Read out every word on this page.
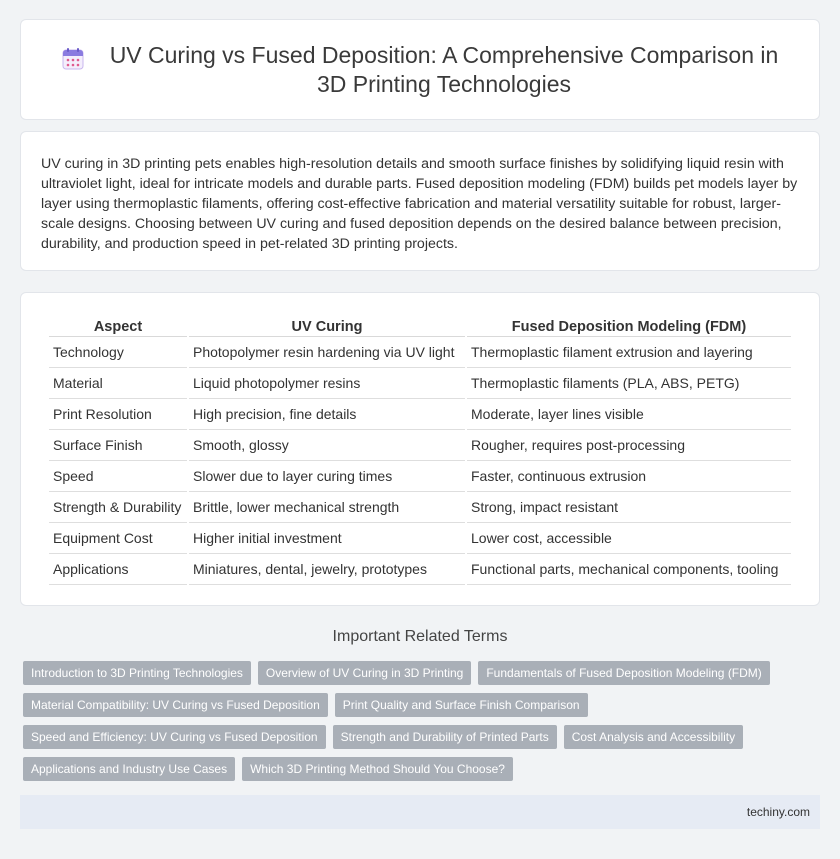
UV Curing vs Fused Deposition: A Comprehensive Comparison in 3D Printing Technologies

UV curing in 3D printing pets enables high-resolution details and smooth surface finishes by solidifying liquid resin with ultraviolet light, ideal for intricate models and durable parts. Fused deposition modeling (FDM) builds pet models layer by layer using thermoplastic filaments, offering cost-effective fabrication and material versatility suitable for robust, larger-scale designs. Choosing between UV curing and fused deposition depends on the desired balance between precision, durability, and production speed in pet-related 3D printing projects.

Aspect	UV Curing	Fused Deposition Modeling (FDM)
Technology	Photopolymer resin hardening via UV light	Thermoplastic filament extrusion and layering
Material	Liquid photopolymer resins	Thermoplastic filaments (PLA, ABS, PETG)
Print Resolution	High precision, fine details	Moderate, layer lines visible
Surface Finish	Smooth, glossy	Rougher, requires post-processing
Speed	Slower due to layer curing times	Faster, continuous extrusion
Strength & Durability	Brittle, lower mechanical strength	Strong, impact resistant
Equipment Cost	Higher initial investment	Lower cost, accessible
Applications	Miniatures, dental, jewelry, prototypes	Functional parts, mechanical components, tooling
Important Related Terms
Introduction to 3D Printing Technologies	Overview of UV Curing in 3D Printing	Fundamentals of Fused Deposition Modeling (FDM)
Material Compatibility: UV Curing vs Fused Deposition	Print Quality and Surface Finish Comparison
Speed and Efficiency: UV Curing vs Fused Deposition	Strength and Durability of Printed Parts	Cost Analysis and Accessibility
Applications and Industry Use Cases	Which 3D Printing Method Should You Choose?
techiny.com
